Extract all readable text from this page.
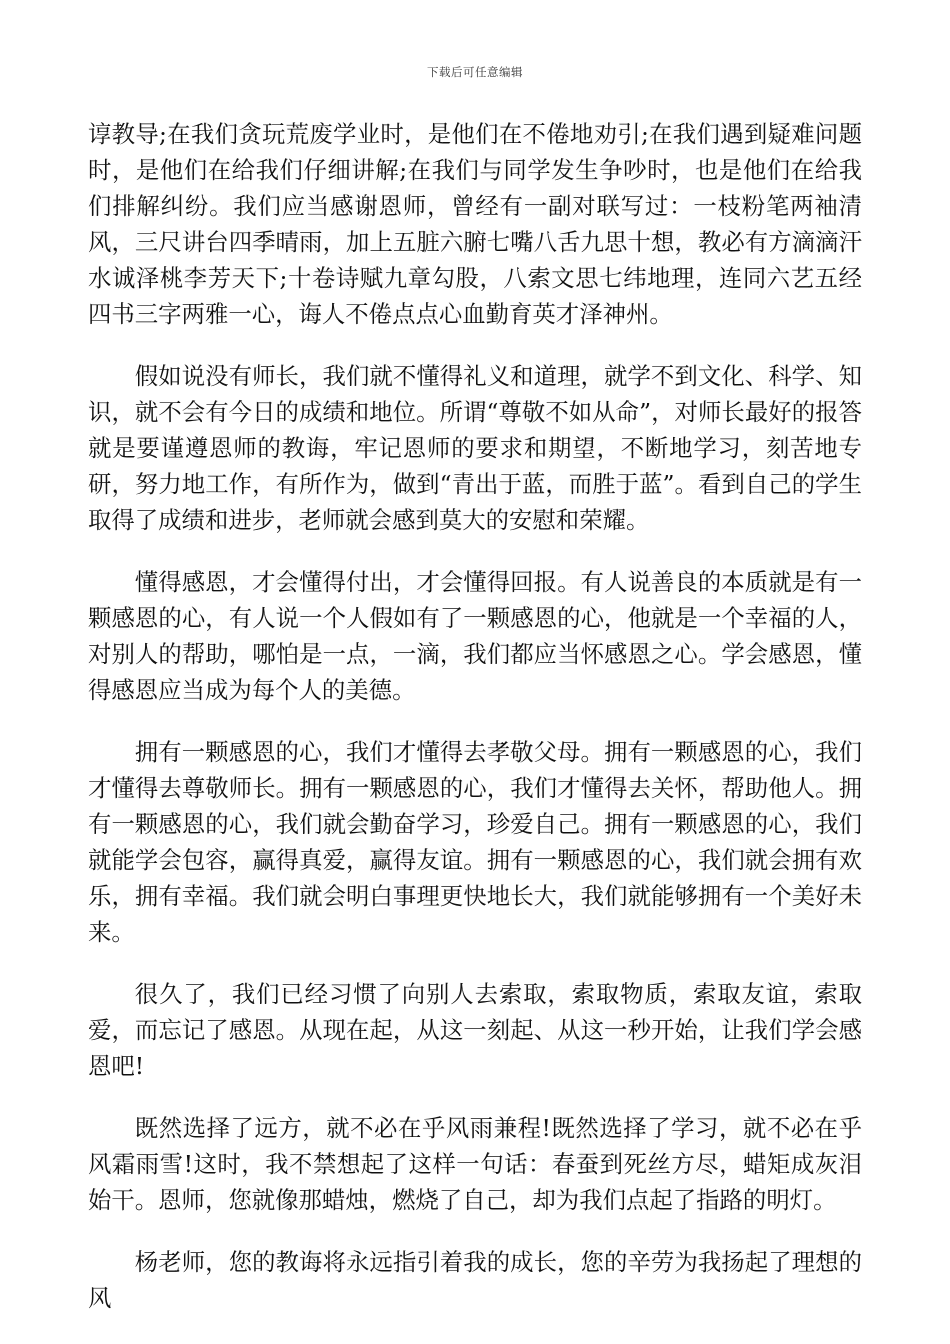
下载后可任意编辑

谆教导;在我们贪玩荒废学业时，是他们在不倦地劝引;在我们遇到疑难问题时，是他们在给我们仔细讲解;在我们与同学发生争吵时，也是他们在给我们排解纠纷。我们应当感谢恩师，曾经有一副对联写过：一枝粉笔两袖清风，三尺讲台四季晴雨，加上五脏六腑七嘴八舌九思十想，教必有方滴滴汗水诚泽桃李芳天下;十卷诗赋九章勾股，八索文思七纬地理，连同六艺五经四书三字两雅一心，诲人不倦点点心血勤育英才泽神州。

假如说没有师长，我们就不懂得礼义和道理，就学不到文化、科学、知识，就不会有今日的成绩和地位。所谓“尊敬不如从命”，对师长最好的报答就是要谨遵恩师的教诲，牢记恩师的要求和期望，不断地学习，刻苦地专研，努力地工作，有所作为，做到“青出于蓝，而胜于蓝”。看到自己的学生取得了成绩和进步，老师就会感到莫大的安慰和荣耀。

懂得感恩，才会懂得付出，才会懂得回报。有人说善良的本质就是有一颗感恩的心，有人说一个人假如有了一颗感恩的心，他就是一个幸福的人，对别人的帮助，哪怕是一点，一滴，我们都应当怀感恩之心。学会感恩，懂得感恩应当成为每个人的美德。

拥有一颗感恩的心，我们才懂得去孝敬父母。拥有一颗感恩的心，我们才懂得去尊敬师长。拥有一颗感恩的心，我们才懂得去关怀，帮助他人。拥有一颗感恩的心，我们就会勤奋学习，珍爱自己。拥有一颗感恩的心，我们就能学会包容，赢得真爱，赢得友谊。拥有一颗感恩的心，我们就会拥有欢乐，拥有幸福。我们就会明白事理更快地长大，我们就能够拥有一个美好未来。

很久了，我们已经习惯了向别人去索取，索取物质，索取友谊，索取爱，而忘记了感恩。从现在起，从这一刻起、从这一秒开始，让我们学会感恩吧!

既然选择了远方，就不必在乎风雨兼程!既然选择了学习，就不必在乎风霜雨雪!这时，我不禁想起了这样一句话：春蚕到死丝方尽，蜡矩成灰泪始干。恩师，您就像那蜡烛，燃烧了自己，却为我们点起了指路的明灯。

杨老师，您的教诲将永远指引着我的成长，您的辛劳为我扬起了理想的风
